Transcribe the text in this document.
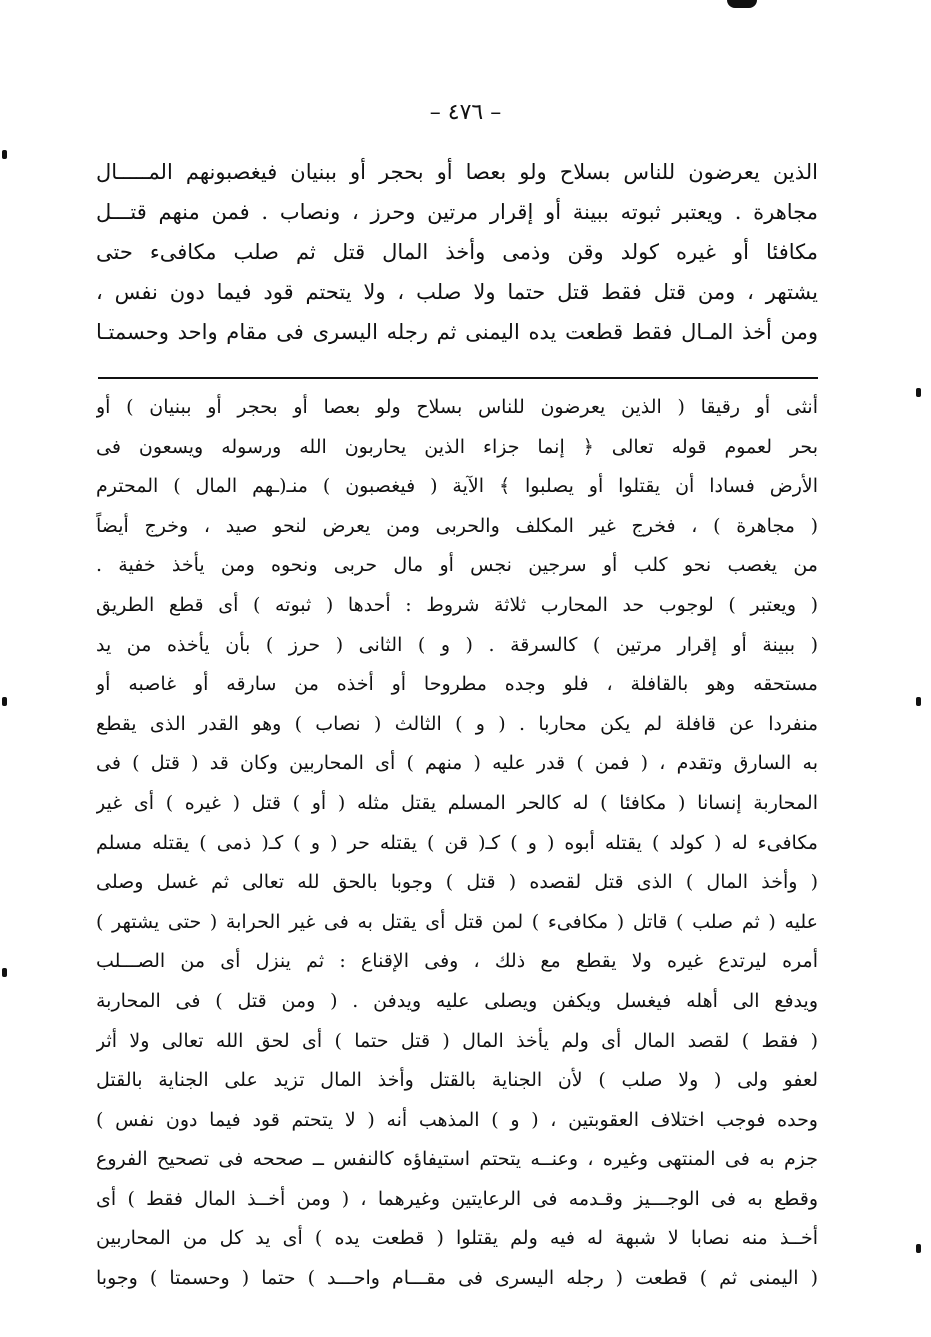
– ٤٧٦ –
الذين يعرضون للناس بسلاح ولو بعصا أو بحجر أو ببنيان فيغصبونهم المـــــال
مجاهرة . ويعتبر ثبوته ببينة أو إقرار مرتين وحرز ، ونصاب . فمن منهم قتـــل
مكافئا أو غيره كولد وقن وذمى وأخذ المال قتل ثم صلب مكافىء حتى
يشتهر ، ومن قتل فقط قتل حتما ولا صلب ، ولا يتحتم قود فيما دون نفس ،
ومن أخذ المـال فقط قطعت يده اليمنى ثم رجله اليسرى فى مقام واحد وحسمتـا
أنثى أو رقيقا ( الذين يعرضون للناس بسلاح ولو بعصا أو بحجر أو ببنيان ) أو
بحر لعموم قوله تعالى ﴿ إنما جزاء الذين يحاربون الله ورسوله ويسعون فى
الأرض فسادا أن يقتلوا أو يصلبوا ﴾ الآية ( فيغصبون ) منـ(ـهم المال ) المحترم
( مجاهرة ) ، فخرج غير المكلف والحربى ومن يعرض لنحو صيد ، وخرج أيضاً
من يغصب نحو كلب أو سرجين نجس أو مال حربى ونحوه ومن يأخذ خفية .
( ويعتبر ) لوجوب حد المحارب ثلاثة شروط : أحدها ( ثبوته ) أى قطع الطريق
( ببينة أو إقرار مرتين ) كالسرقة . ( و ) الثانى ( حرز ) بأن يأخذه من يد
مستحقه وهو بالقافلة ، فلو وجده مطروحا أو أخذه من سارقه أو غاصبه أو
منفردا عن قافلة لم يكن محاربا . ( و ) الثالث ( نصاب ) وهو القدر الذى يقطع
به السارق وتقدم ، ( فمن ) قدر عليه ( منهم ) أى المحاربين وكان قد ( قتل ) فى
المحاربة إنسانا ( مكافئا ) له كالحر المسلم يقتل مثله ( أو ) قتل ( غيره ) أى غير
مكافىء له ( كولد ) يقتله أبوه ( و ) كـ( قن ) يقتله حر ( و ) كـ( ذمى ) يقتله مسلم
( وأخذ المال ) الذى قتل لقصده ( قتل ) وجوبا بالحق لله تعالى ثم غسل وصلى
عليه ( ثم صلب ) قاتل ( مكافىء ) لمن قتل أى يقتل به فى غير الحرابة ( حتى يشتهر )
أمره ليرتدع غيره ولا يقطع مع ذلك ، وفى الإقناع : ثم ينزل أى من الصـــلب
ويدفع الى أهله فيغسل ويكفن ويصلى عليه ويدفن . ( ومن قتل ) فى المحاربة
( فقط ) لقصد المال أى ولم يأخذ المال ( قتل حتما ) أى لحق الله تعالى ولا أثر
لعفو ولى ( ولا صلب ) لأن الجناية بالقتل وأخذ المال تزيد على الجناية بالقتل
وحده فوجب اختلاف العقوبتين ، ( و ) المذهب أنه ( لا يتحتم قود فيما دون نفس )
جزم به فى المنتهى وغيره ، وعنــه يتحتم استيفاؤه كالنفس ــ صححه فى تصحيح الفروع
وقطع به فى الوجـــيز وقـدمه فى الرعايتين وغيرهما ، ( ومن أخــذ المال فقط ) أى
أخــذ منه نصابا لا شبهة له فيه ولم يقتلوا ( قطعت يده ) أى يد كل من المحاربين
( اليمنى ثم ) قطعت ( رجله اليسرى فى مقـــام واحـــد ) حتما ( وحسمتا ) وجوبا
